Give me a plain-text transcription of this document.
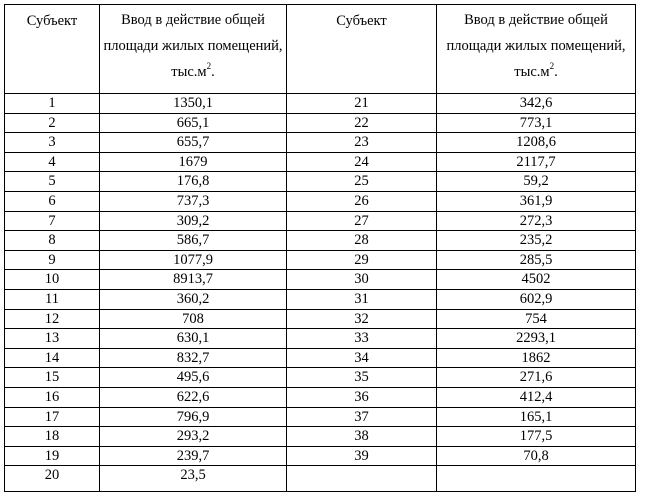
Субъект	Ввод в действие общей площади жилых помещений, $тыс.м^2$.	Субъект	Ввод в действие общей площади жилых помещений, $тыс.м^2$.
1	1350,1	21	342,6
2	665,1	22	773,1
3	655,7	23	1208,6
4	1679	24	2117,7
5	176,8	25	59,2
6	737,3	26	361,9
7	309,2	27	272,3
8	586,7	28	235,2
9	1077,9	29	285,5
10	8913,7	30	4502
11	360,2	31	602,9
12	708	32	754
13	630,1	33	2293,1
14	832,7	34	1862
15	495,6	35	271,6
16	622,6	36	412,4
17	796,9	37	165,1
18	293,2	38	177,5
19	239,7	39	70,8
20	23,5		
